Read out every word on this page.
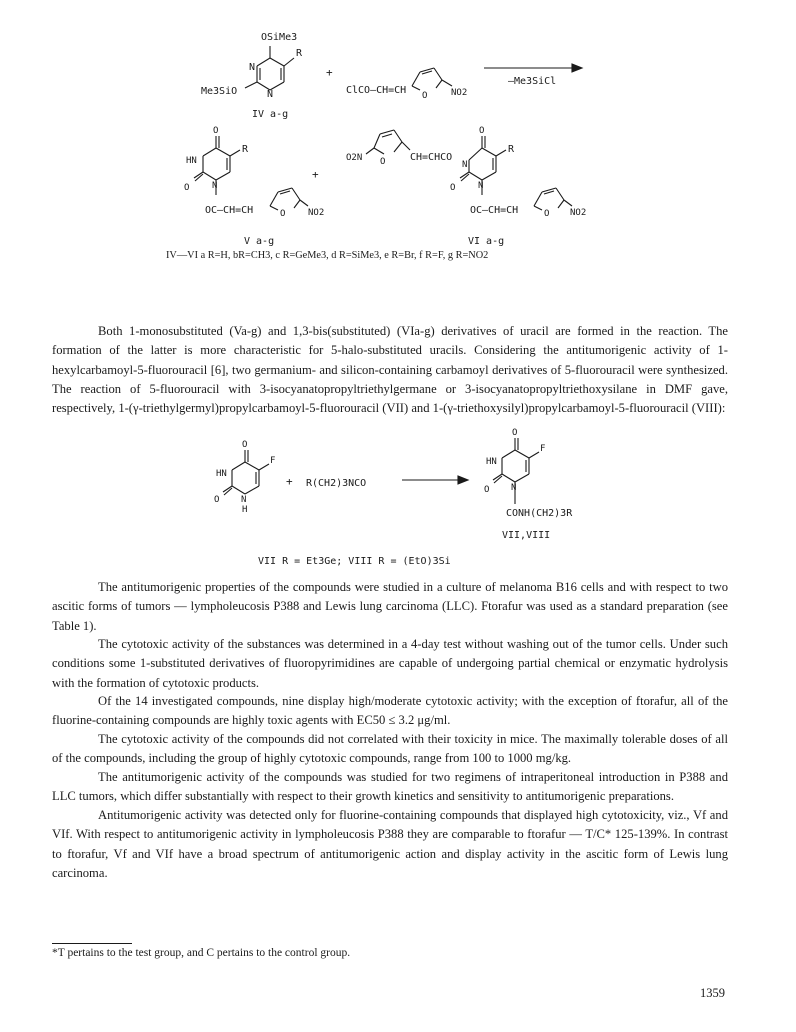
OSiMe3
R
N
N
Me3SiO
IV a-g
+
ClCO–CH=CH O	NO2
–Me3SiCl
O
HN
R
O	N
OC–CH=CH	O	NO2
V a-g
+
O2N O CH=CHCO
N
O
R
O	N
OC–CH=CH	O NO2
VI a-g
O
F
HN
O N
H
+ R(CH2)3NCO
O
F
HN
O N
CONH(CH2)3R
VII,VIII
VII R = Et3Ge; VIII R = (EtO)3Si
IV—VI a R=H, bR=CH3, c R=GeMe3, d R=SiMe3, e R=Br, f R=F, g R=NO2

Both 1-monosubstituted (Va-g) and 1,3-bis(substituted) (VIa-g) derivatives of uracil are formed in the reaction. The formation of the latter is more characteristic for 5-halo-substituted uracils. Considering the antitumorigenic activity of 1-hexylcarbamoyl-5-fluorouracil [6], two germanium- and silicon-containing carbamoyl derivatives of 5-fluorouracil were synthesized. The reaction of 5-fluorouracil with 3-isocyanatopropyltriethylgermane or 3-isocyanatopropyltriethoxysilane in DMF gave, respectively, 1-(γ-triethylgermyl)propylcarbamoyl-5-fluorouracil (VII) and 1-(γ-triethoxysilyl)propylcarbamoyl-5-fluorouracil (VIII):

The antitumorigenic properties of the compounds were studied in a culture of melanoma B16 cells and with respect to two ascitic forms of tumors — lympholeucosis P388 and Lewis lung carcinoma (LLC). Ftorafur was used as a standard preparation (see Table 1).

The cytotoxic activity of the substances was determined in a 4-day test without washing out of the tumor cells. Under such conditions some 1-substituted derivatives of fluoropyrimidines are capable of undergoing partial chemical or enzymatic hydrolysis with the formation of cytotoxic products.

Of the 14 investigated compounds, nine display high/moderate cytotoxic activity; with the exception of ftorafur, all of the fluorine-containing compounds are highly toxic agents with EC50 ≤ 3.2 μg/ml.

The cytotoxic activity of the compounds did not correlated with their toxicity in mice. The maximally tolerable doses of all of the compounds, including the group of highly cytotoxic compounds, range from 100 to 1000 mg/kg.

The antitumorigenic activity of the compounds was studied for two regimens of intraperitoneal introduction in P388 and LLC tumors, which differ substantially with respect to their growth kinetics and sensitivity to antitumorigenic preparations.

Antitumorigenic activity was detected only for fluorine-containing compounds that displayed high cytotoxicity, viz., Vf and VIf. With respect to antitumorigenic activity in lympholeucosis P388 they are comparable to ftorafur — T/C* 125-139%. In contrast to ftorafur, Vf and VIf have a broad spectrum of antitumorigenic action and display activity in the ascitic form of Lewis lung carcinoma.

*T pertains to the test group, and C pertains to the control group.
1359
